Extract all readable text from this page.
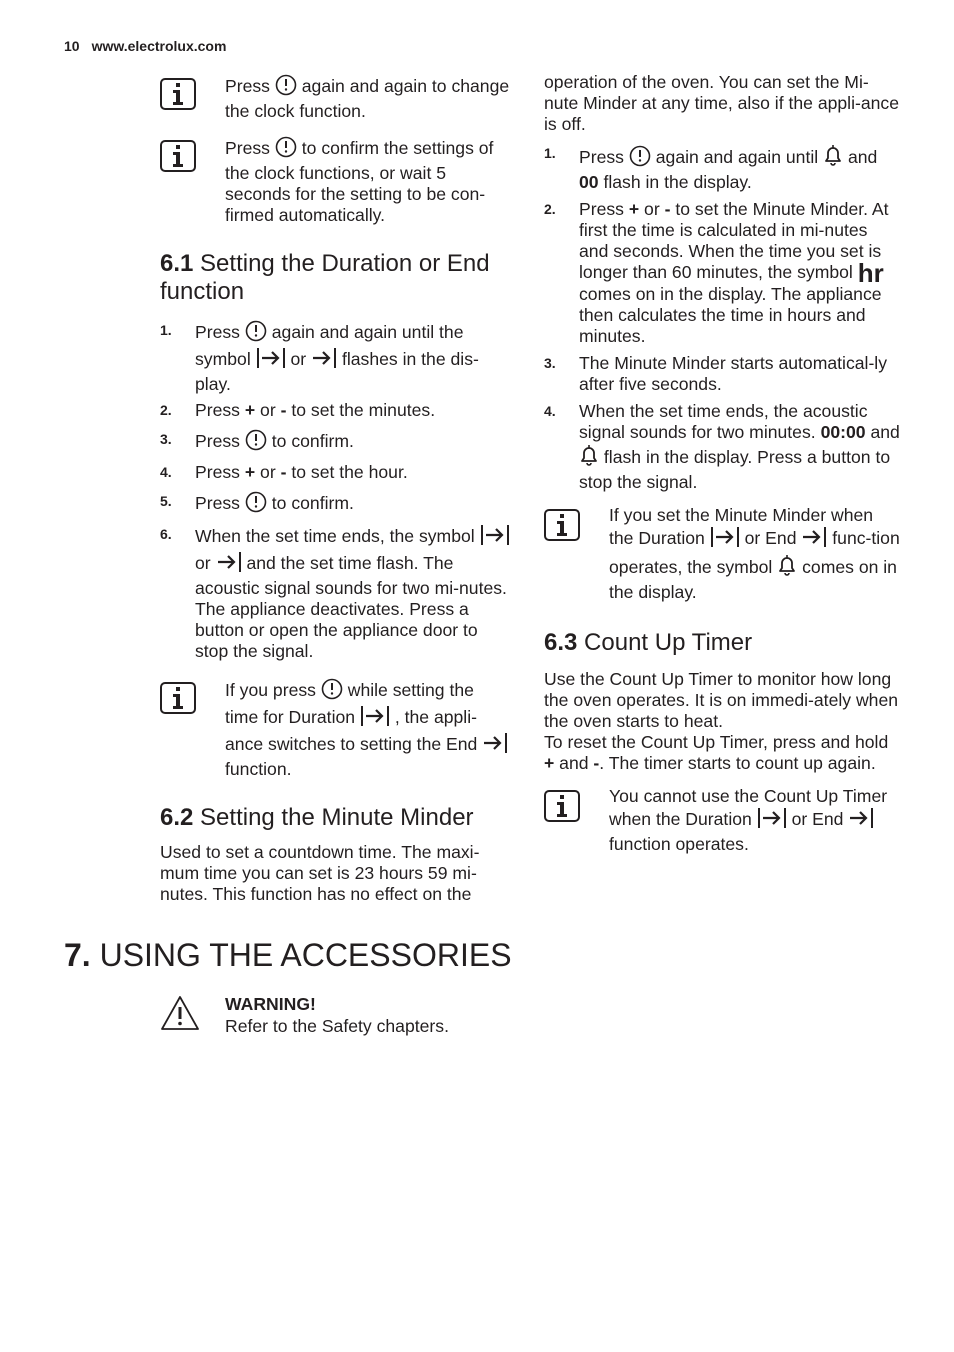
10 www.electrolux.com
Press again and again to change the clock function.
Press to confirm the settings of the clock functions, or wait 5 seconds for the setting to be con-firmed automatically.
6.1 Setting the Duration or End function
1. Press again and again until the symbol or flashes in the dis-play.
2. Press + or - to set the minutes.
3. Press to confirm.
4. Press + or - to set the hour.
5. Press to confirm.
6. When the set time ends, the symbol  or and the set time flash. The acoustic signal sounds for two mi-nutes. The appliance deactivates. Press a button or open the appliance door to stop the signal.
If you press while setting the time for Duration , the appli-ance switches to setting the End  function.
6.2 Setting the Minute Minder

Used to set a countdown time. The maxi-mum time you can set is 23 hours 59 mi-nutes. This function has no effect on the

operation of the oven. You can set the Mi-nute Minder at any time, also if the appli-ance is off.

1. Press again and again until and 00 flash in the display.
2. Press + or - to set the Minute Minder. At first the time is calculated in mi-nutes and seconds. When the time you set is longer than 60 minutes, the symbol hr comes on in the display. The appliance then calculates the time in hours and minutes.
3. The Minute Minder starts automatical-ly after five seconds.
4. When the set time ends, the acoustic signal sounds for two minutes. 00:00 and  flash in the display. Press a button to stop the signal.
If you set the Minute Minder when the Duration or End func-tion operates, the symbol comes on in the display.
6.3 Count Up Timer

Use the Count Up Timer to monitor how long the oven operates. It is on immedi-ately when the oven starts to heat.

To reset the Count Up Timer, press and hold + and -. The timer starts to count up again.

You cannot use the Count Up Timer when the Duration or End  function operates.
7. USING THE ACCESSORIES
WARNING!
Refer to the Safety chapters.
